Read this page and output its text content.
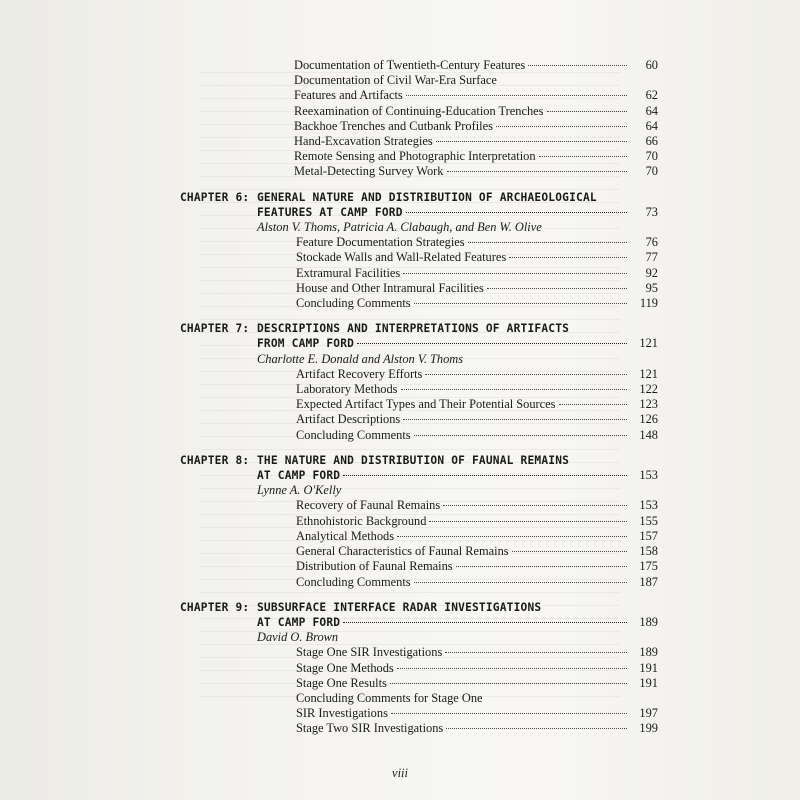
Documentation of Twentieth-Century Features	60
Documentation of Civil War-Era Surface
Features and Artifacts	62
Reexamination of Continuing-Education Trenches	64
Backhoe Trenches and Cutbank Profiles	64
Hand-Excavation Strategies	66
Remote Sensing and Photographic Interpretation	70
Metal-Detecting Survey Work	70
CHAPTER 6: GENERAL NATURE AND DISTRIBUTION OF ARCHAEOLOGICAL
FEATURES AT CAMP FORD	73
Alston V. Thoms, Patricia A. Clabaugh, and Ben W. Olive
Feature Documentation Strategies	76
Stockade Walls and Wall-Related Features	77
Extramural Facilities	92
House and Other Intramural Facilities	95
Concluding Comments	119
CHAPTER 7: DESCRIPTIONS AND INTERPRETATIONS OF ARTIFACTS
FROM CAMP FORD	121
Charlotte E. Donald and Alston V. Thoms
Artifact Recovery Efforts	121
Laboratory Methods	122
Expected Artifact Types and Their Potential Sources	123
Artifact Descriptions	126
Concluding Comments	148
CHAPTER 8: THE NATURE AND DISTRIBUTION OF FAUNAL REMAINS
AT CAMP FORD	153
Lynne A. O'Kelly
Recovery of Faunal Remains	153
Ethnohistoric Background	155
Analytical Methods	157
General Characteristics of Faunal Remains	158
Distribution of Faunal Remains	175
Concluding Comments	187
CHAPTER 9: SUBSURFACE INTERFACE RADAR INVESTIGATIONS
AT CAMP FORD	189
David O. Brown
Stage One SIR Investigations	189
Stage One Methods	191
Stage One Results	191
Concluding Comments for Stage One
SIR Investigations	197
Stage Two SIR Investigations	199
viii
